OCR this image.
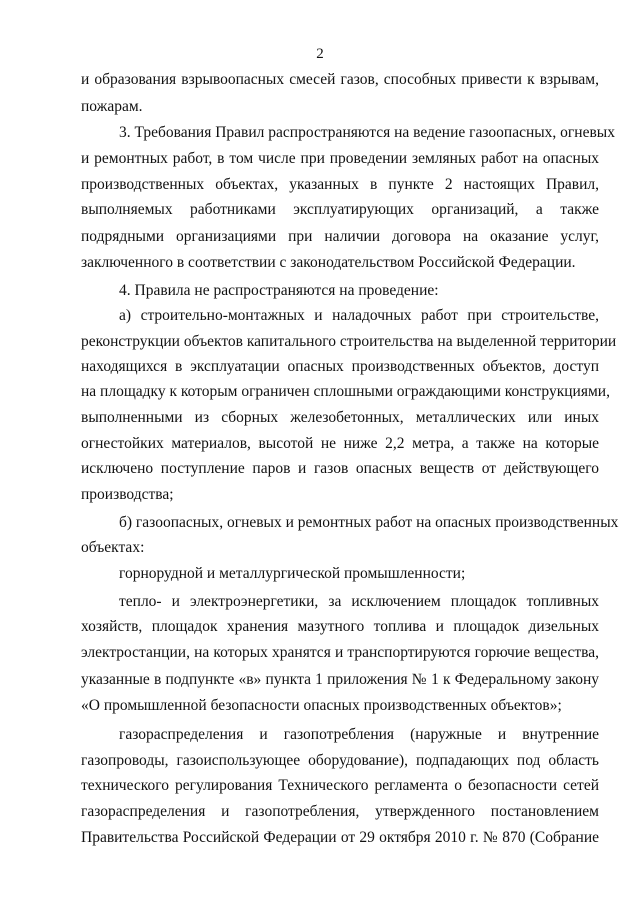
2
и образования взрывоопасных смесей газов, способных привести к взрывам,
пожарам.
3. Требования Правил распространяются на ведение газоопасных, огневых
и ремонтных работ, в том числе при проведении земляных работ на опасных
производственных объектах, указанных в пункте 2 настоящих Правил,
выполняемых работниками эксплуатирующих организаций, а также
подрядными организациями при наличии договора на оказание услуг,
заключенного в соответствии с законодательством Российской Федерации.
4. Правила не распространяются на проведение:
а) строительно-монтажных и наладочных работ при строительстве,
реконструкции объектов капитального строительства на выделенной территории
находящихся в эксплуатации опасных производственных объектов, доступ
на площадку к которым ограничен сплошными ограждающими конструкциями,
выполненными из сборных железобетонных, металлических или иных
огнестойких материалов, высотой не ниже 2,2 метра, а также на которые
исключено поступление паров и газов опасных веществ от действующего
производства;
б) газоопасных, огневых и ремонтных работ на опасных производственных
объектах:
горнорудной и металлургической промышленности;
тепло- и электроэнергетики, за исключением площадок топливных
хозяйств, площадок хранения мазутного топлива и площадок дизельных
электростанции, на которых хранятся и транспортируются горючие вещества,
указанные в подпункте «в» пункта 1 приложения № 1 к Федеральному закону
«О промышленной безопасности опасных производственных объектов»;
газораспределения и газопотребления (наружные и внутренние
газопроводы, газоиспользующее оборудование), подпадающих под область
технического регулирования Технического регламента о безопасности сетей
газораспределения и газопотребления, утвержденного постановлением
Правительства Российской Федерации от 29 октября 2010 г. № 870 (Собрание
